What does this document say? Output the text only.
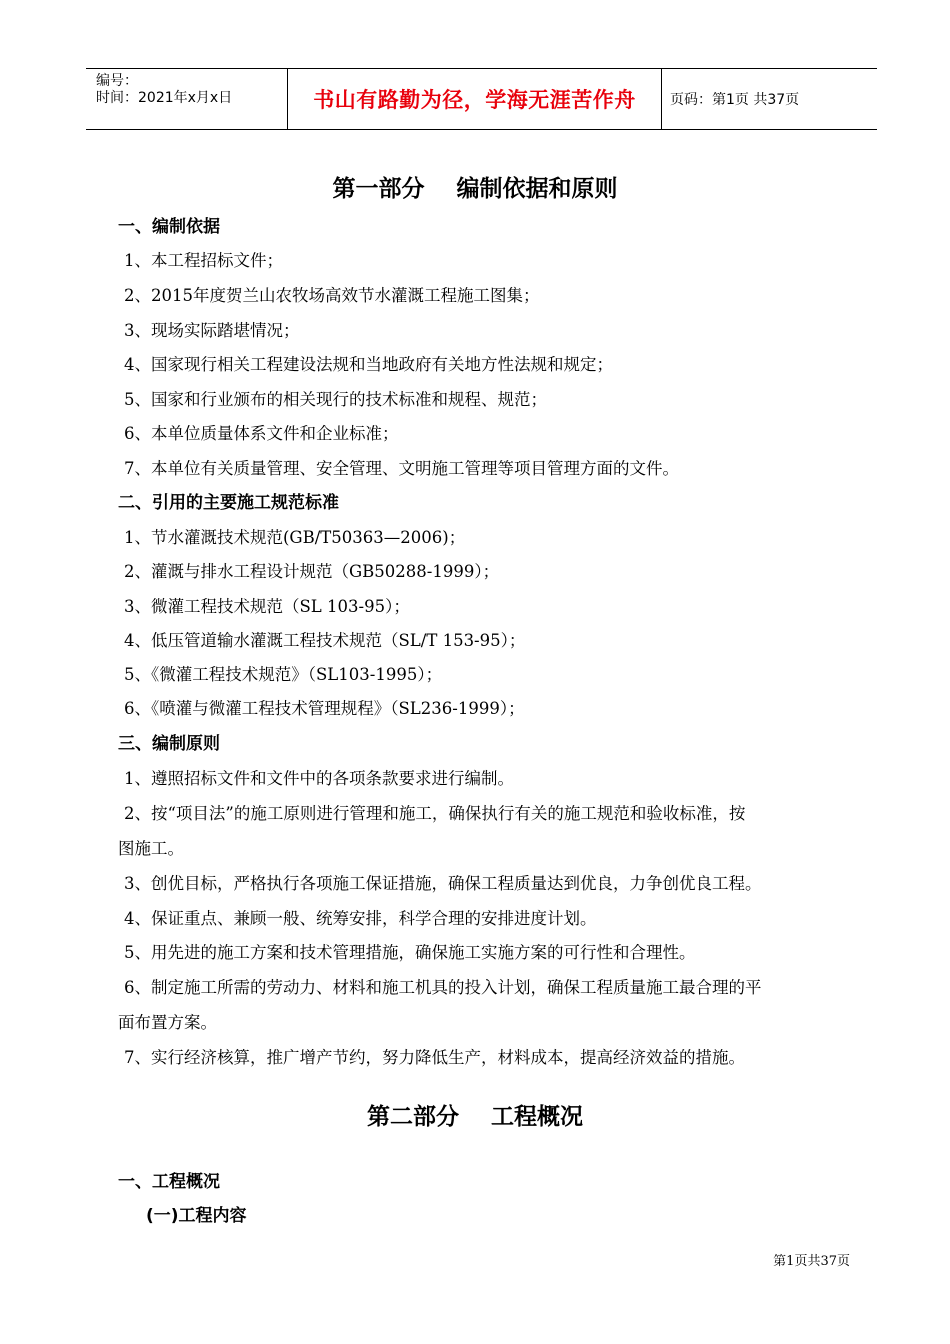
编号：
时间：2021年x月x日	书山有路勤为径，学海无涯苦作舟	页码：第1页 共37页
第一部分    编制依据和原则
一、编制依据
1、本工程招标文件；
2、2015年度贺兰山农牧场高效节水灌溉工程施工图集；
3、现场实际踏堪情况；
4、国家现行相关工程建设法规和当地政府有关地方性法规和规定；
5、国家和行业颁布的相关现行的技术标准和规程、规范；
6、本单位质量体系文件和企业标准；
7、本单位有关质量管理、安全管理、文明施工管理等项目管理方面的文件。
二、引用的主要施工规范标准
1、节水灌溉技术规范(GB/T50363—2006)；
2、灌溉与排水工程设计规范（GB50288-1999）；
3、微灌工程技术规范（SL 103-95）；
4、低压管道输水灌溉工程技术规范（SL/T 153-95）；
5、《微灌工程技术规范》（SL103-1995）；
6、《喷灌与微灌工程技术管理规程》（SL236-1999）；
三、编制原则
1、遵照招标文件和文件中的各项条款要求进行编制。
2、按“项目法”的施工原则进行管理和施工，确保执行有关的施工规范和验收标准，按
图施工。
3、创优目标，严格执行各项施工保证措施，确保工程质量达到优良，力争创优良工程。
4、保证重点、兼顾一般、统筹安排，科学合理的安排进度计划。
5、用先进的施工方案和技术管理措施，确保施工实施方案的可行性和合理性。
6、制定施工所需的劳动力、材料和施工机具的投入计划，确保工程质量施工最合理的平
面布置方案。
7、实行经济核算，推广增产节约，努力降低生产，材料成本，提高经济效益的措施。
第二部分    工程概况
一、工程概况
(一)工程内容
第1页共37页
